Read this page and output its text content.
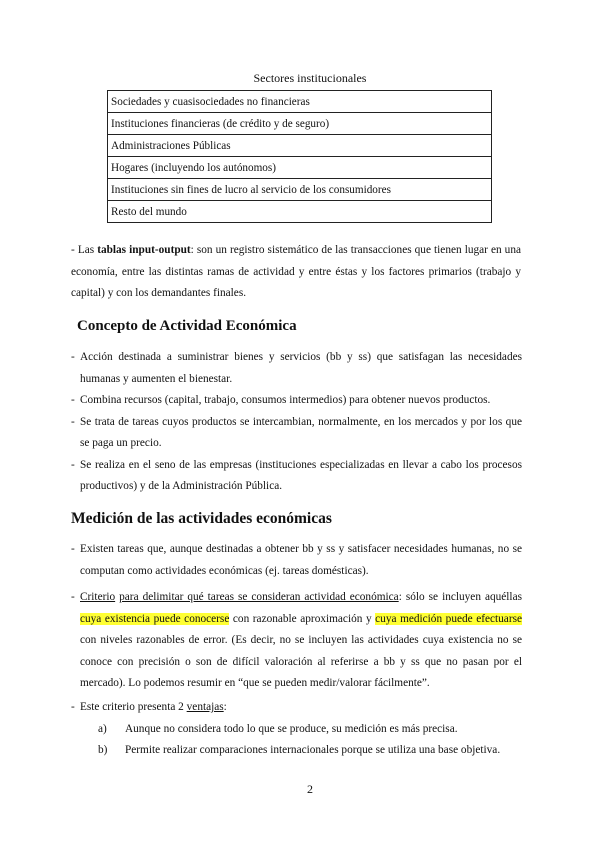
Sectores institucionales
Sociedades y cuasisociedades no financieras
Instituciones financieras (de crédito y de seguro)
Administraciones Públicas
Hogares (incluyendo los autónomos)
Instituciones sin fines de lucro al servicio de los consumidores
Resto del mundo
- Las tablas input-output: son un registro sistemático de las transacciones que tienen lugar en una economía, entre las distintas ramas de actividad y entre éstas y los factores primarios (trabajo y capital) y con los demandantes finales.
Concepto de Actividad Económica
- Acción destinada a suministrar bienes y servicios (bb y ss) que satisfagan las necesidades humanas y aumenten el bienestar.
- Combina recursos (capital, trabajo, consumos intermedios) para obtener nuevos productos.
- Se trata de tareas cuyos productos se intercambian, normalmente, en los mercados y por los que se paga un precio.
- Se realiza en el seno de las empresas (instituciones especializadas en llevar a cabo los procesos productivos) y de la Administración Pública.
Medición de las actividades económicas
- Existen tareas que, aunque destinadas a obtener bb y ss y satisfacer necesidades humanas, no se computan como actividades económicas (ej. tareas domésticas).
- Criterio para delimitar qué tareas se consideran actividad económica: sólo se incluyen aquéllas cuya existencia puede conocerse con razonable aproximación y cuya medición puede efectuarse con niveles razonables de error. (Es decir, no se incluyen las actividades cuya existencia no se conoce con precisión o son de difícil valoración al referirse a bb y ss que no pasan por el mercado). Lo podemos resumir en “que se pueden medir/valorar fácilmente”.
- Este criterio presenta 2 ventajas:
a) Aunque no considera todo lo que se produce, su medición es más precisa.
b) Permite realizar comparaciones internacionales porque se utiliza una base objetiva.
2
